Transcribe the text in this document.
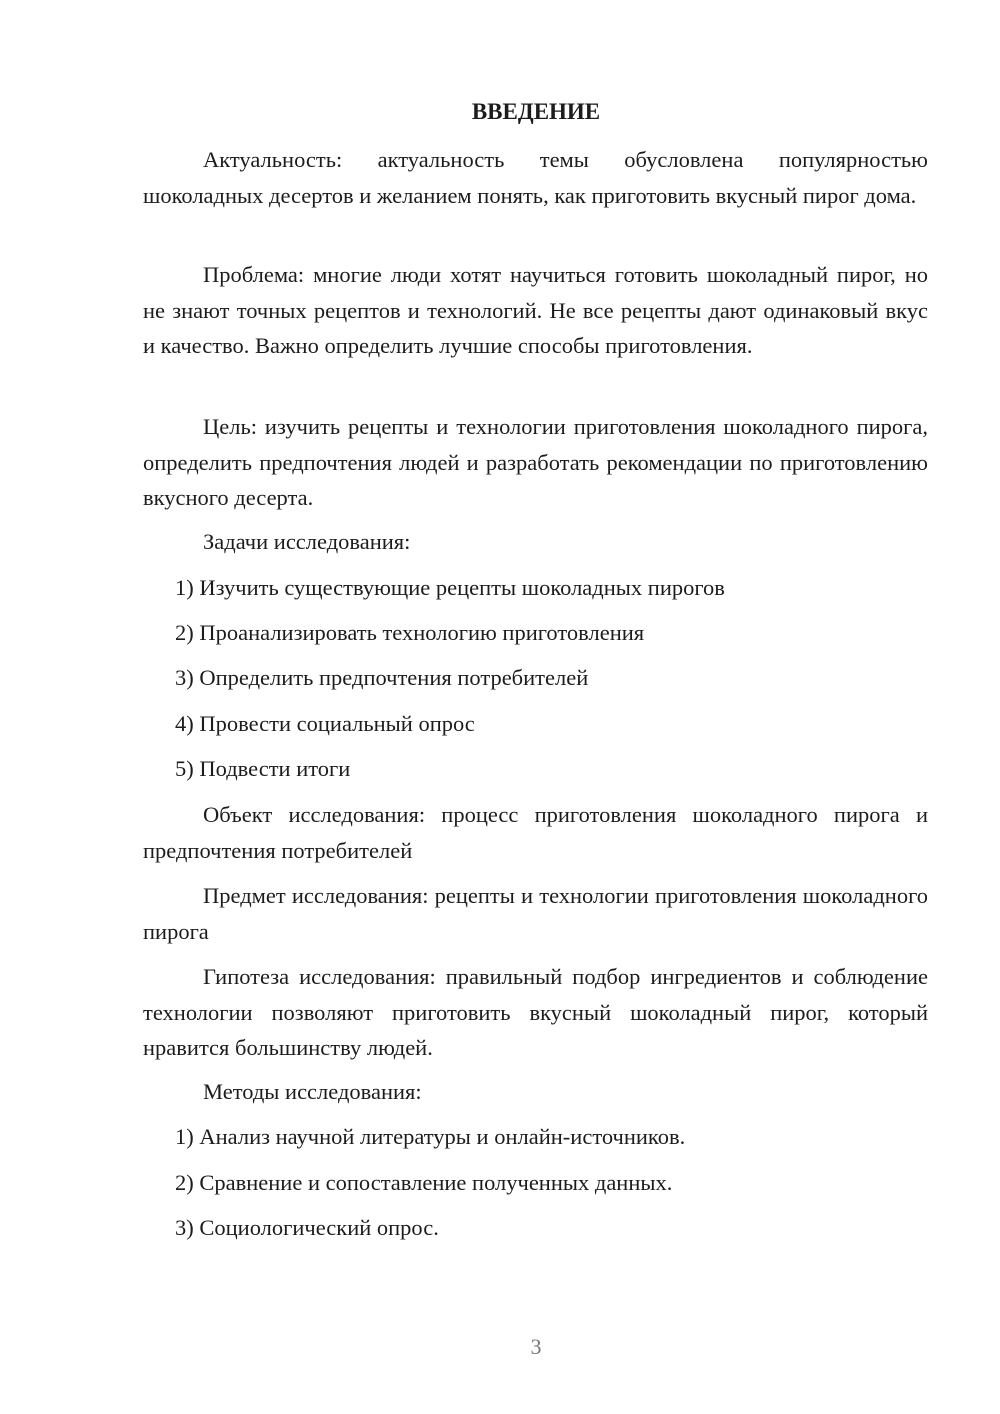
ВВЕДЕНИЕ
Актуальность: актуальность темы обусловлена популярностью шоколадных десертов и желанием понять, как приготовить вкусный пирог дома.
Проблема: многие люди хотят научиться готовить шоколадный пирог, но не знают точных рецептов и технологий. Не все рецепты дают одинаковый вкус и качество. Важно определить лучшие способы приготовления.
Цель: изучить рецепты и технологии приготовления шоколадного пирога, определить предпочтения людей и разработать рекомендации по приготовлению вкусного десерта.
Задачи исследования:
1) Изучить существующие рецепты шоколадных пирогов
2) Проанализировать технологию приготовления
3) Определить предпочтения потребителей
4) Провести социальный опрос
5) Подвести итоги
Объект исследования: процесс приготовления шоколадного пирога и предпочтения потребителей
Предмет исследования: рецепты и технологии приготовления шоколадного пирога
Гипотеза исследования: правильный подбор ингредиентов и соблюдение технологии позволяют приготовить вкусный шоколадный пирог, который нравится большинству людей.
Методы исследования:
1) Анализ научной литературы и онлайн-источников.
2) Сравнение и сопоставление полученных данных.
3) Социологический опрос.
3
